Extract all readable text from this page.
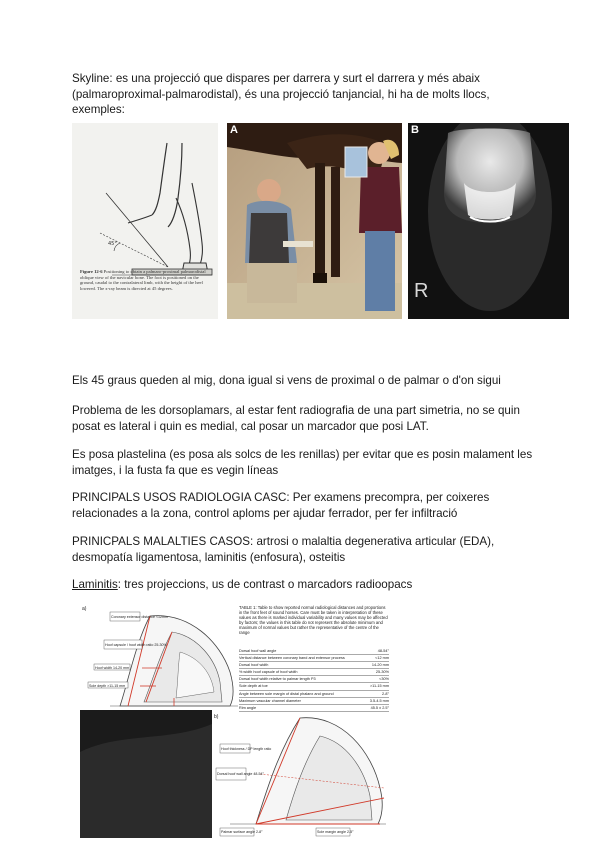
Skyline: es una projecció que dispares per darrera y surt el darrera y més abaix (palmaroproximal-palmarodistal), és una projecció tanjancial, hi ha de molts llocs, exemples:

45°
Figure 12-6 Positioning to obtain a palmaro-proximal palmarodistal oblique view of the navicular bone. The foot is positioned on the ground, caudal to the contralateral limb, with the height of the heel lowered. The x-ray beam is directed at 45 degrees.
A	B
R

Els 45 graus queden al mig, dona igual si vens de proximal o de palmar o d'on sigui

Problema de les dorsoplamars, al estar fent radiografia de una part simetria, no se quin posat es lateral i quin es medial, cal posar un marcador que posi LAT.

Es posa plastelina (es posa als solcs de les renillas) per evitar que es posin malament les imatges, i la fusta fa que es vegin líneas

PRINCIPALS USOS RADIOLOGIA CASC: Per examens precompra, per coixeres relacionades a la zona, control aploms per ajudar ferrador, per fer infiltració

PRINICPALS MALALTIES CASOS: artrosi o malaltia degenerativa articular (EDA), desmopatía ligamentosa, laminitis (enfosura), osteitis

Laminitis: tres projeccions, us de contrast o marcadors radioopacs

a)
Coronary extensor distance <12mm
Hoof capsule / hoof width ratio 25-30%
Hoof width 14-20 mm
Sole depth >11-15 mm
b)
Hoof thickness / DP length ratio
Dorsal hoof wall angle 48-54°
Palmar surface angle 2-8°	Sole margin angle 2-5°
TABLE 1: Table to show reported normal radiological distances and proportions in the front feet of sound horses. Care must be taken in interpretation of these values as there is marked individual variability and many values may be affected by factors; the values in this table do not represent the absolute minimum and maximum of normal values but rather the representative of the centre of the range
Dorsal hoof wall angle	48-54°
Vertical distance between coronary band and extensor process	<12 mm
Dorsal hoof width	14-20 mm
% width hoof capsule of hoof width	25-30%
Dorsal hoof width relative to palmar length P3	<30%
Sole depth at toe	>11-15 mm
Angle between sole margin of distal phalanx and ground	2-8°
Maximum vascular channel diameter	3.5-4.5 mm
Rim angle	45.5 ± 2.5°
